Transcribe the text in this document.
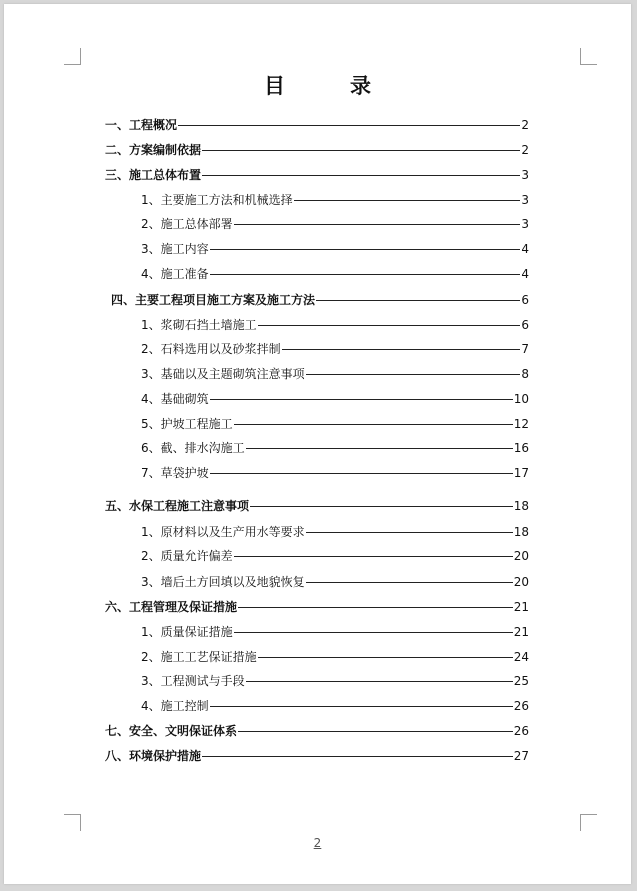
目　录
一、工程概况	2
二、方案编制依据	2
三、施工总体布置	3
1、主要施工方法和机械选择	3
2、施工总体部署	3
3、施工内容	4
4、施工准备	4
四、主要工程项目施工方案及施工方法	6
1、浆砌石挡土墙施工	6
2、石料选用以及砂浆拌制	7
3、基础以及主题砌筑注意事项	8
4、基础砌筑	10
5、护坡工程施工	12
6、截、排水沟施工	16
7、草袋护坡	17
五、水保工程施工注意事项	18
1、原材料以及生产用水等要求	18
2、质量允许偏差	20
3、墙后土方回填以及地貌恢复	20
六、工程管理及保证措施	21
1、质量保证措施	21
2、施工工艺保证措施	24
3、工程测试与手段	25
4、施工控制	26
七、安全、文明保证体系	26
八、环境保护措施	27
2
